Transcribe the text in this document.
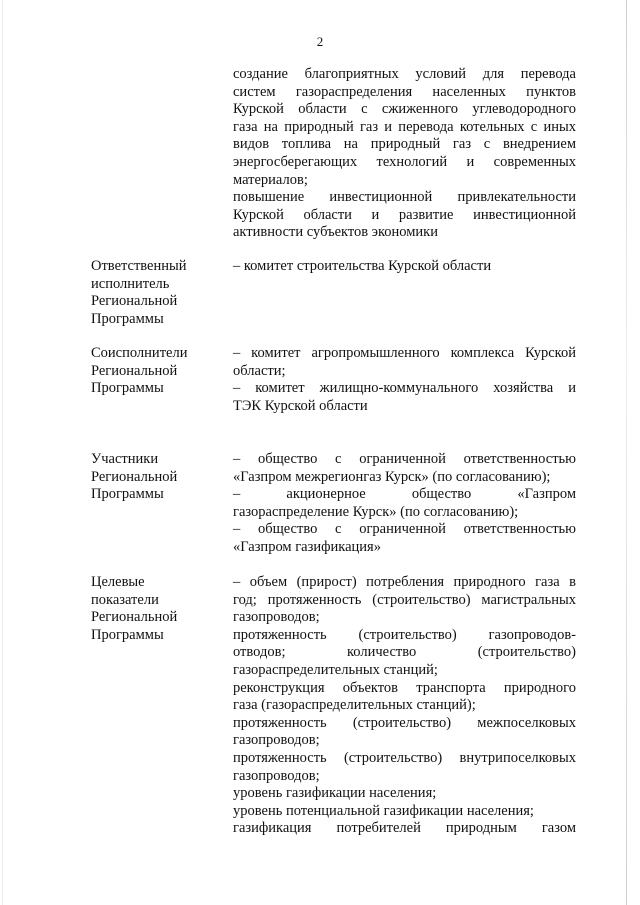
2

создание благоприятных условий для перевода

систем газораспределения населенных пунктов

Курской области с сжиженного углеводородного

газа на природный газ и перевода котельных с иных

видов топлива на природный газ с внедрением

энергосберегающих технологий и современных

материалов;

повышение инвестиционной привлекательности

Курской области и развитие инвестиционной

активности субъектов экономики

Ответственный
исполнитель
Региональной
Программы

– комитет строительства Курской области

Соисполнители
Региональной
Программы

– комитет агропромышленного комплекса Курской

области;

– комитет жилищно-коммунального хозяйства и

ТЭК Курской области

Участники
Региональной
Программы

– общество с ограниченной ответственностью

«Газпром межрегионгаз Курск» (по согласованию);

– акционерное общество «Газпром

газораспределение Курск» (по согласованию);

– общество с ограниченной ответственностью

«Газпром газификация»

Целевые
показатели
Региональной
Программы

– объем (прирост) потребления природного газа в

год; протяженность (строительство) магистральных

газопроводов;

протяженность (строительство) газопроводов-

отводов; количество (строительство)

газораспределительных станций;

реконструкция объектов транспорта природного

газа (газораспределительных станций);

протяженность (строительство) межпоселковых

газопроводов;

протяженность (строительство) внутрипоселковых

газопроводов;

уровень газификации населения;

уровень потенциальной газификации населения;

газификация потребителей природным газом
